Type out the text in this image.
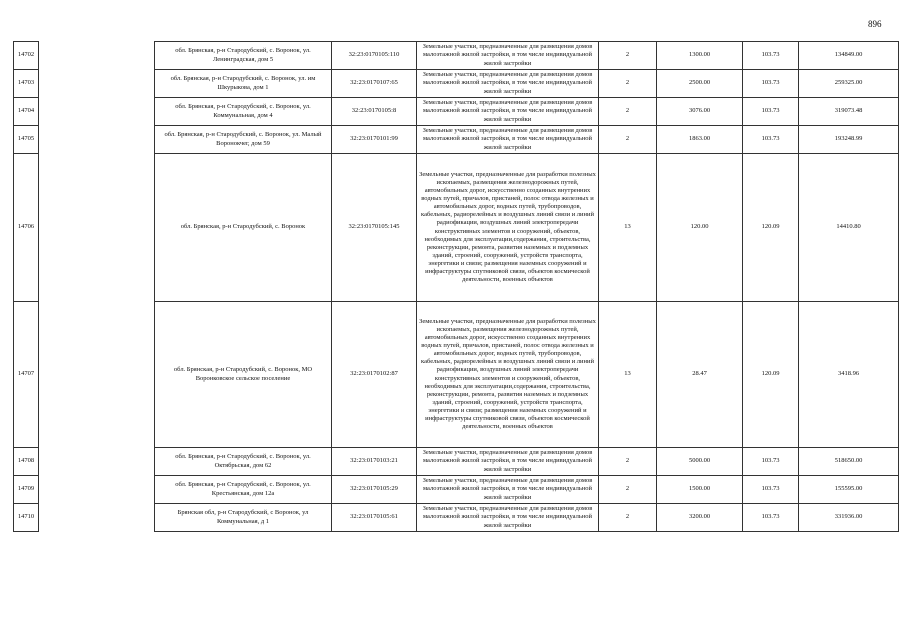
896
14702		обл. Брянская, р-н Стародубский, с. Воронок, ул. Ленинградская, дом 5	32:23:0170105:110	Земельные участки, предназначенные для размещения домов малоэтажной жилой застройки, в том числе индивидуальной жилой застройки	2	1300.00	103.73	134849.00
14703		обл. Брянская, р-н Стародубский, с. Воронок, ул. им Шкурыкова, дом 1	32:23:0170107:65	Земельные участки, предназначенные для размещения домов малоэтажной жилой застройки, в том числе индивидуальной жилой застройки	2	2500.00	103.73	259325.00
14704		обл. Брянская, р-н Стародубский, с. Воронок, ул. Коммунальная, дом 4	32:23:0170105:8	Земельные участки, предназначенные для размещения домов малоэтажной жилой застройки, в том числе индивидуальной жилой застройки	2	3076.00	103.73	319073.48
14705		обл. Брянская, р-н Стародубский, с. Воронок, ул. Малый Воронокчег, дом 59	32:23:0170101:99	Земельные участки, предназначенные для размещения домов малоэтажной жилой застройки, в том числе индивидуальной жилой застройки	2	1863.00	103.73	193248.99
14706		обл. Брянская, р-н Стародубский, с. Воронок	32:23:0170105:145	Земельные участки, предназначенные для разработки полезных ископаемых, размещения железнодорожных путей, автомобильных дорог, искусственно созданных внутренних водных путей, причалов, пристаней, полос отвода железных и автомобильных дорог, водных путей, трубопроводов, кабельных, радиорелейных и воздушных линий связи и линий радиофикации, воздушных линий электропередачи конструктивных элементов и сооружений, объектов, необходимых для эксплуатации,содержания, строительства, реконструкции, ремонта, развития наземных и подземных зданий, строений, сооружений, устройств транспорта, энергетики и связи; размещения наземных сооружений и инфраструктуры спутниковой связи, объектов космической деятельности, военных объектов	13	120.00	120.09	14410.80
14707		обл. Брянская, р-н Стародубский, с. Воронок, МО Воронковское сельское поселение	32:23:0170102:87	Земельные участки, предназначенные для разработки полезных ископаемых, размещения железнодорожных путей, автомобильных дорог, искусственно созданных внутренних водных путей, причалов, пристаней, полос отвода железных и автомобильных дорог, водных путей, трубопроводов, кабельных, радиорелейных и воздушных линий связи и линий радиофикации, воздушных линий электропередачи конструктивных элементов и сооружений, объектов, необходимых для эксплуатации,содержания, строительства, реконструкции, ремонта, развития наземных и подземных зданий, строений, сооружений, устройств транспорта, энергетики и связи; размещения наземных сооружений и инфраструктуры спутниковой связи, объектов космической деятельности, военных объектов	13	28.47	120.09	3418.96
14708		обл. Брянская, р-н Стародубский, с. Воронок, ул. Октябрьская, дом 62	32:23:0170103:21	Земельные участки, предназначенные для размещения домов малоэтажной жилой застройки, в том числе индивидуальной жилой застройки	2	5000.00	103.73	518650.00
14709		обл. Брянская, р-н Стародубский, с. Воронок, ул. Крестьянская, дом 12а	32:23:0170105:29	Земельные участки, предназначенные для размещения домов малоэтажной жилой застройки, в том числе индивидуальной жилой застройки	2	1500.00	103.73	155595.00
14710		Брянская обл, р-н Стародубский, с Воронок, ул Коммунальная, д 1	32:23:0170105:61	Земельные участки, предназначенные для размещения домов малоэтажной жилой застройки, в том числе индивидуальной жилой застройки	2	3200.00	103.73	331936.00
